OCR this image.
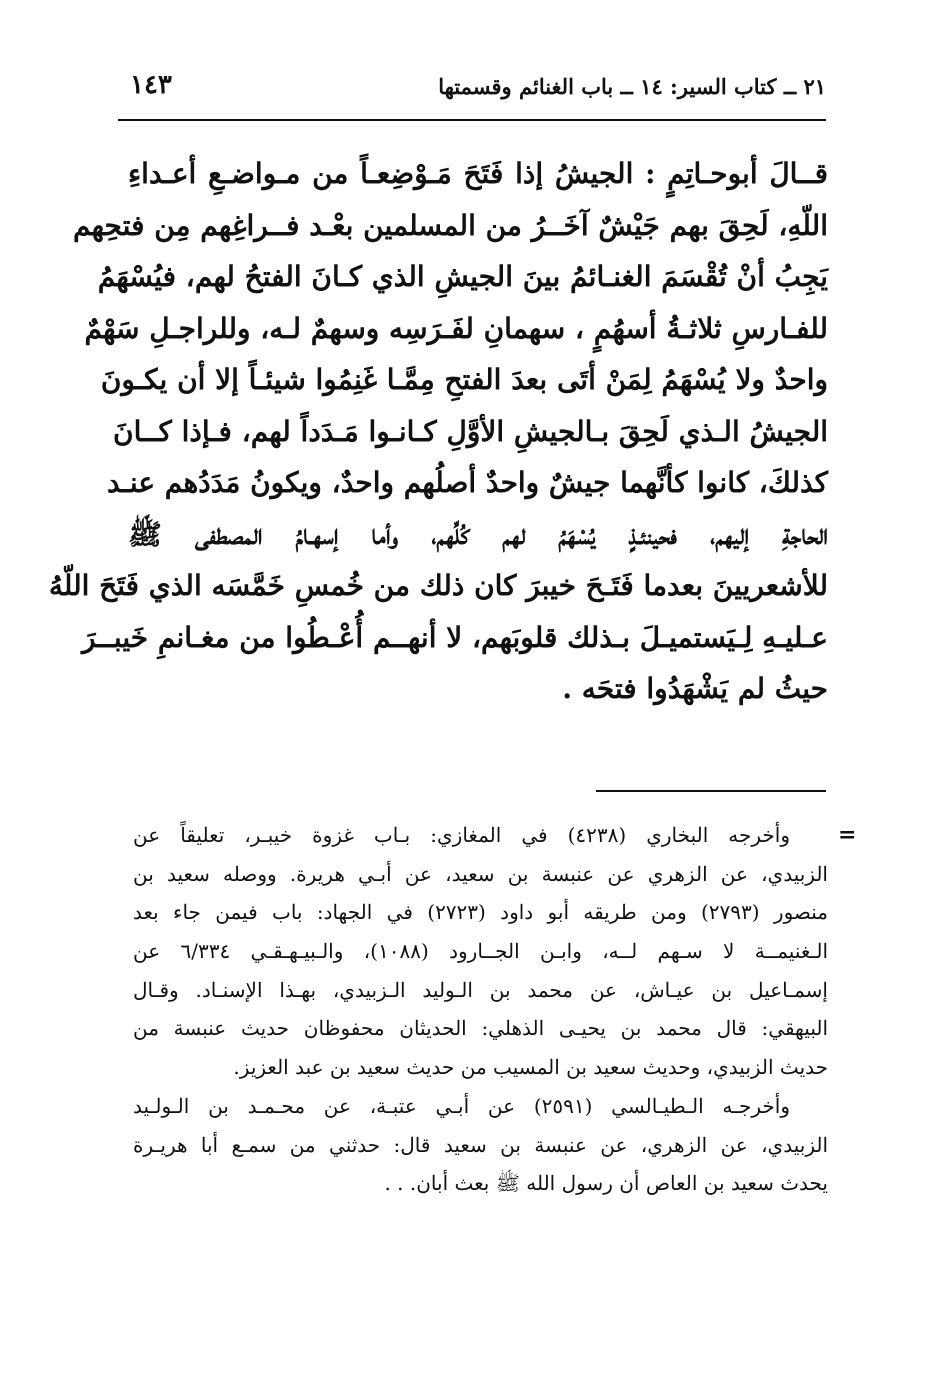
٢١ ــ كتاب السير: ١٤ ــ باب الغنائم وقسمتها
١٤٣
قــالَ أبوحـاتِمٍ : الجيشُ إذا فَتَحَ مَـوْضِعـاً من مـواضـعِ أعـداءِ
اللّهِ، لَحِقَ بهم جَيْشٌ آخَــرُ من المسلمين بعْـد فــراغِهم مِن فتحِهم
يَجِبُ أنْ تُقْسَمَ الغنـائمُ بينَ الجيشِ الذي كـانَ الفتحُ لهم، فيُسْهَمُ
للفـارسِ ثلاثـةُ أسهُمٍ ، سهمانِ لفَـرَسِه وسهمٌ لـه، وللراجـلِ سَهْمٌ
واحدٌ ولا يُسْهَمُ لِمَنْ أتَى بعدَ الفتحِ مِمَّـا غَنِمُوا شيئـاً إلا أن يكـونَ
الجيشُ الـذي لَحِقَ بـالجيشِ الأوَّلِ كـانـوا مَـدَداً لهم، فـإذا كــانَ
كذلكَ، كانوا كأنَّهما جيشٌ واحدٌ أصلُهم واحدٌ، ويكونُ مَدَدُهم عنـد
الحاجةِ إليهم، فحينئـذٍ يُسْهَمُ لهم كُلِّهم، وأما إسهـامُ المصطفى ﷺ
للأشعريينَ بعدما فَتَـحَ خيبرَ كان ذلك من خُمسِ خَمَّسَه الذي فَتَحَ اللّهُ
عـليـهِ لِـيَستميـلَ بـذلك قلوبَهم، لا أنهــم أُعْـطُوا من مغـانمِ خَيبــرَ
حيثُ لم يَشْهَدُوا فتحَه .
=
وأخرجه البخاري (٤٢٣٨) في المغازي: بـاب غزوة خيبـر، تعليقاً عن
الزبيدي، عن الزهري عن عنبسة بن سعيد، عن أبـي هريرة. ووصله سعيد بن
منصور (٢٧٩٣) ومن طريقه أبو داود (٢٧٢٣) في الجهاد: باب فيمن جاء بعد
الـغنيمــة لا سـهم لــه، وابـن الجــارود (١٠٨٨)، والـبيـهـقـي ٦/٣٣٤ عن
إسمـاعيل بن عيـاش، عن محمد بن الـوليد الـزبيدي، بهـذا الإسنـاد. وقـال
البيهقي: قال محمد بن يحيـى الذهلي: الحديثان محفوظان حديث عنبسة من
حديث الزبيدي، وحديث سعيد بن المسيب من حديث سعيد بن عبد العزيز.
وأخرجـه الـطيـالسي (٢٥٩١) عن أبـي عتبـة، عن محـمـد بن الـولـيد
الزبيدي، عن الزهري، عن عنبسة بن سعيد قال: حدثني من سمـع أبا هريـرة
يحدث سعيد بن العاص أن رسول الله ﷺ بعث أبان. . .
